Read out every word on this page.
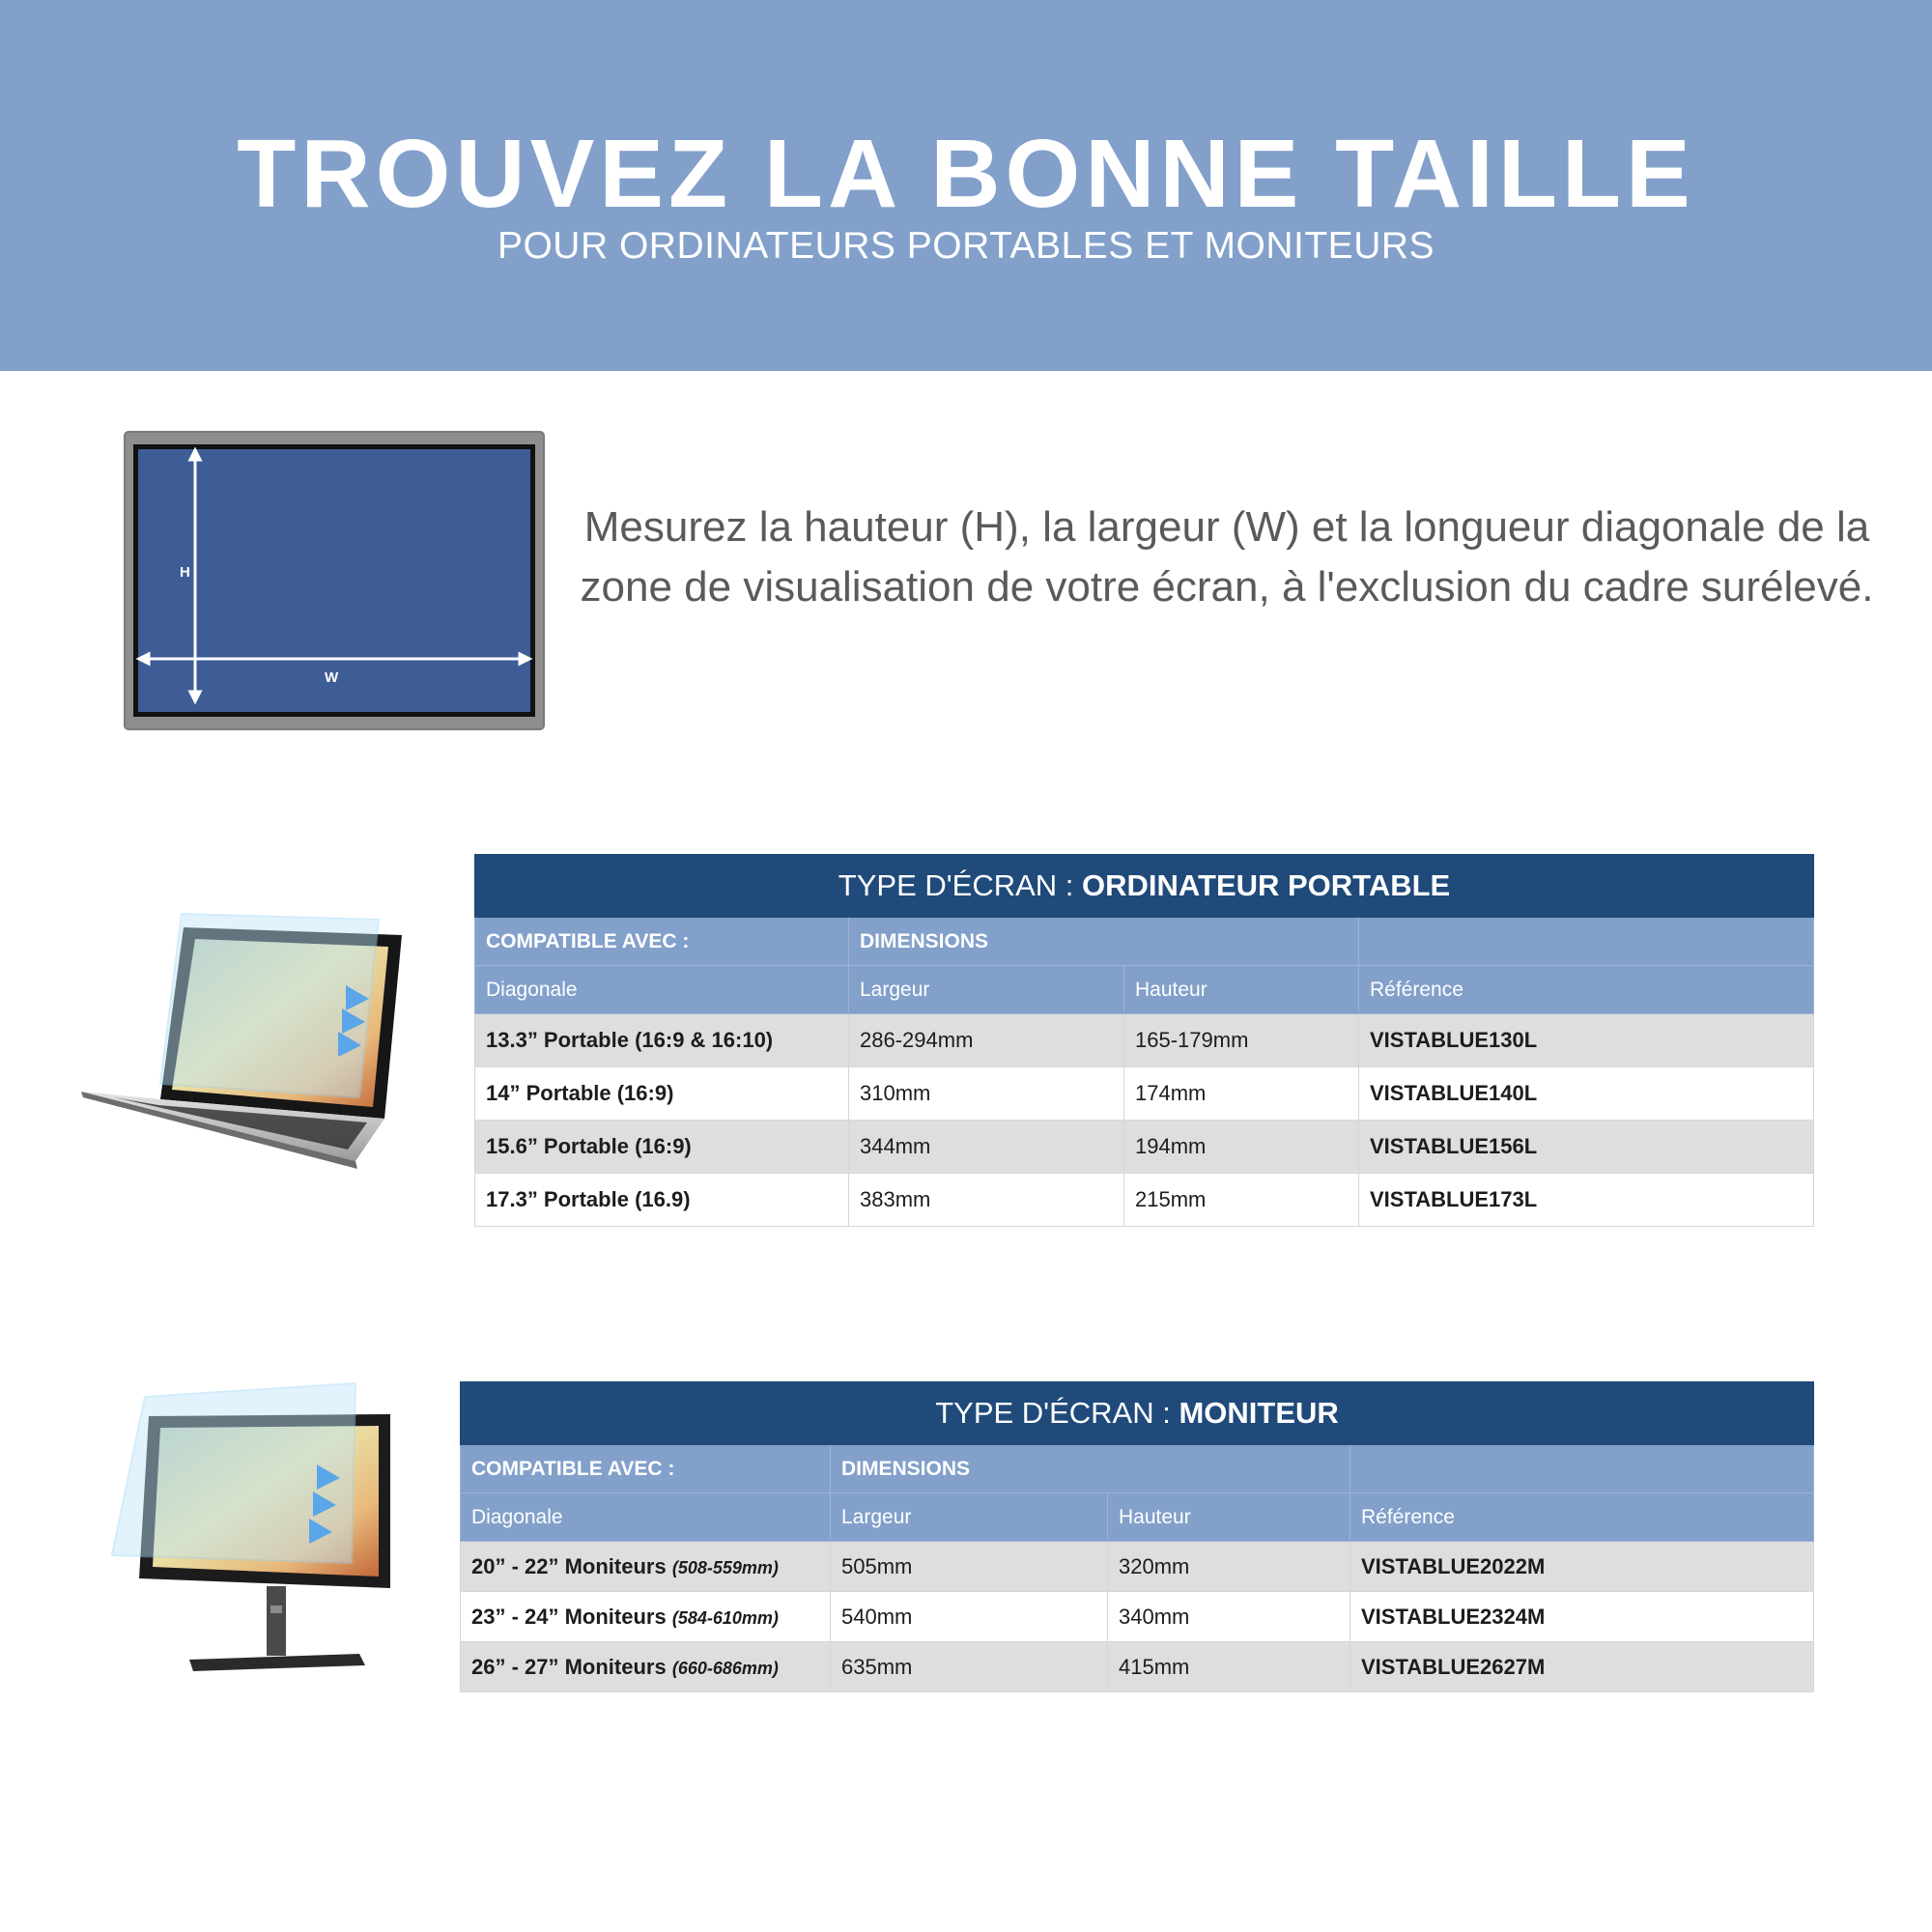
TROUVEZ LA BONNE TAILLE
POUR ORDINATEURS PORTABLES ET MONITEURS
H
W
Mesurez la hauteur (H), la largeur (W) et la longueur diagonale de la zone de visualisation de votre écran, à l'exclusion du cadre surélevé.
TYPE D'ÉCRAN : ORDINATEUR PORTABLE			
COMPATIBLE AVEC :	DIMENSIONS		
Diagonale	Largeur	Hauteur	Référence
13.3” Portable (16:9 & 16:10)	286-294mm	165-179mm	VISTABLUE130L
14” Portable (16:9)	310mm	174mm	VISTABLUE140L
15.6” Portable (16:9)	344mm	194mm	VISTABLUE156L
17.3” Portable (16.9)	383mm	215mm	VISTABLUE173L
TYPE D'ÉCRAN : MONITEUR			
COMPATIBLE AVEC :	DIMENSIONS		
Diagonale	Largeur	Hauteur	Référence
20” - 22” Moniteurs (508-559mm)	505mm	320mm	VISTABLUE2022M
23” - 24” Moniteurs (584-610mm)	540mm	340mm	VISTABLUE2324M
26” - 27” Moniteurs (660-686mm)	635mm	415mm	VISTABLUE2627M
